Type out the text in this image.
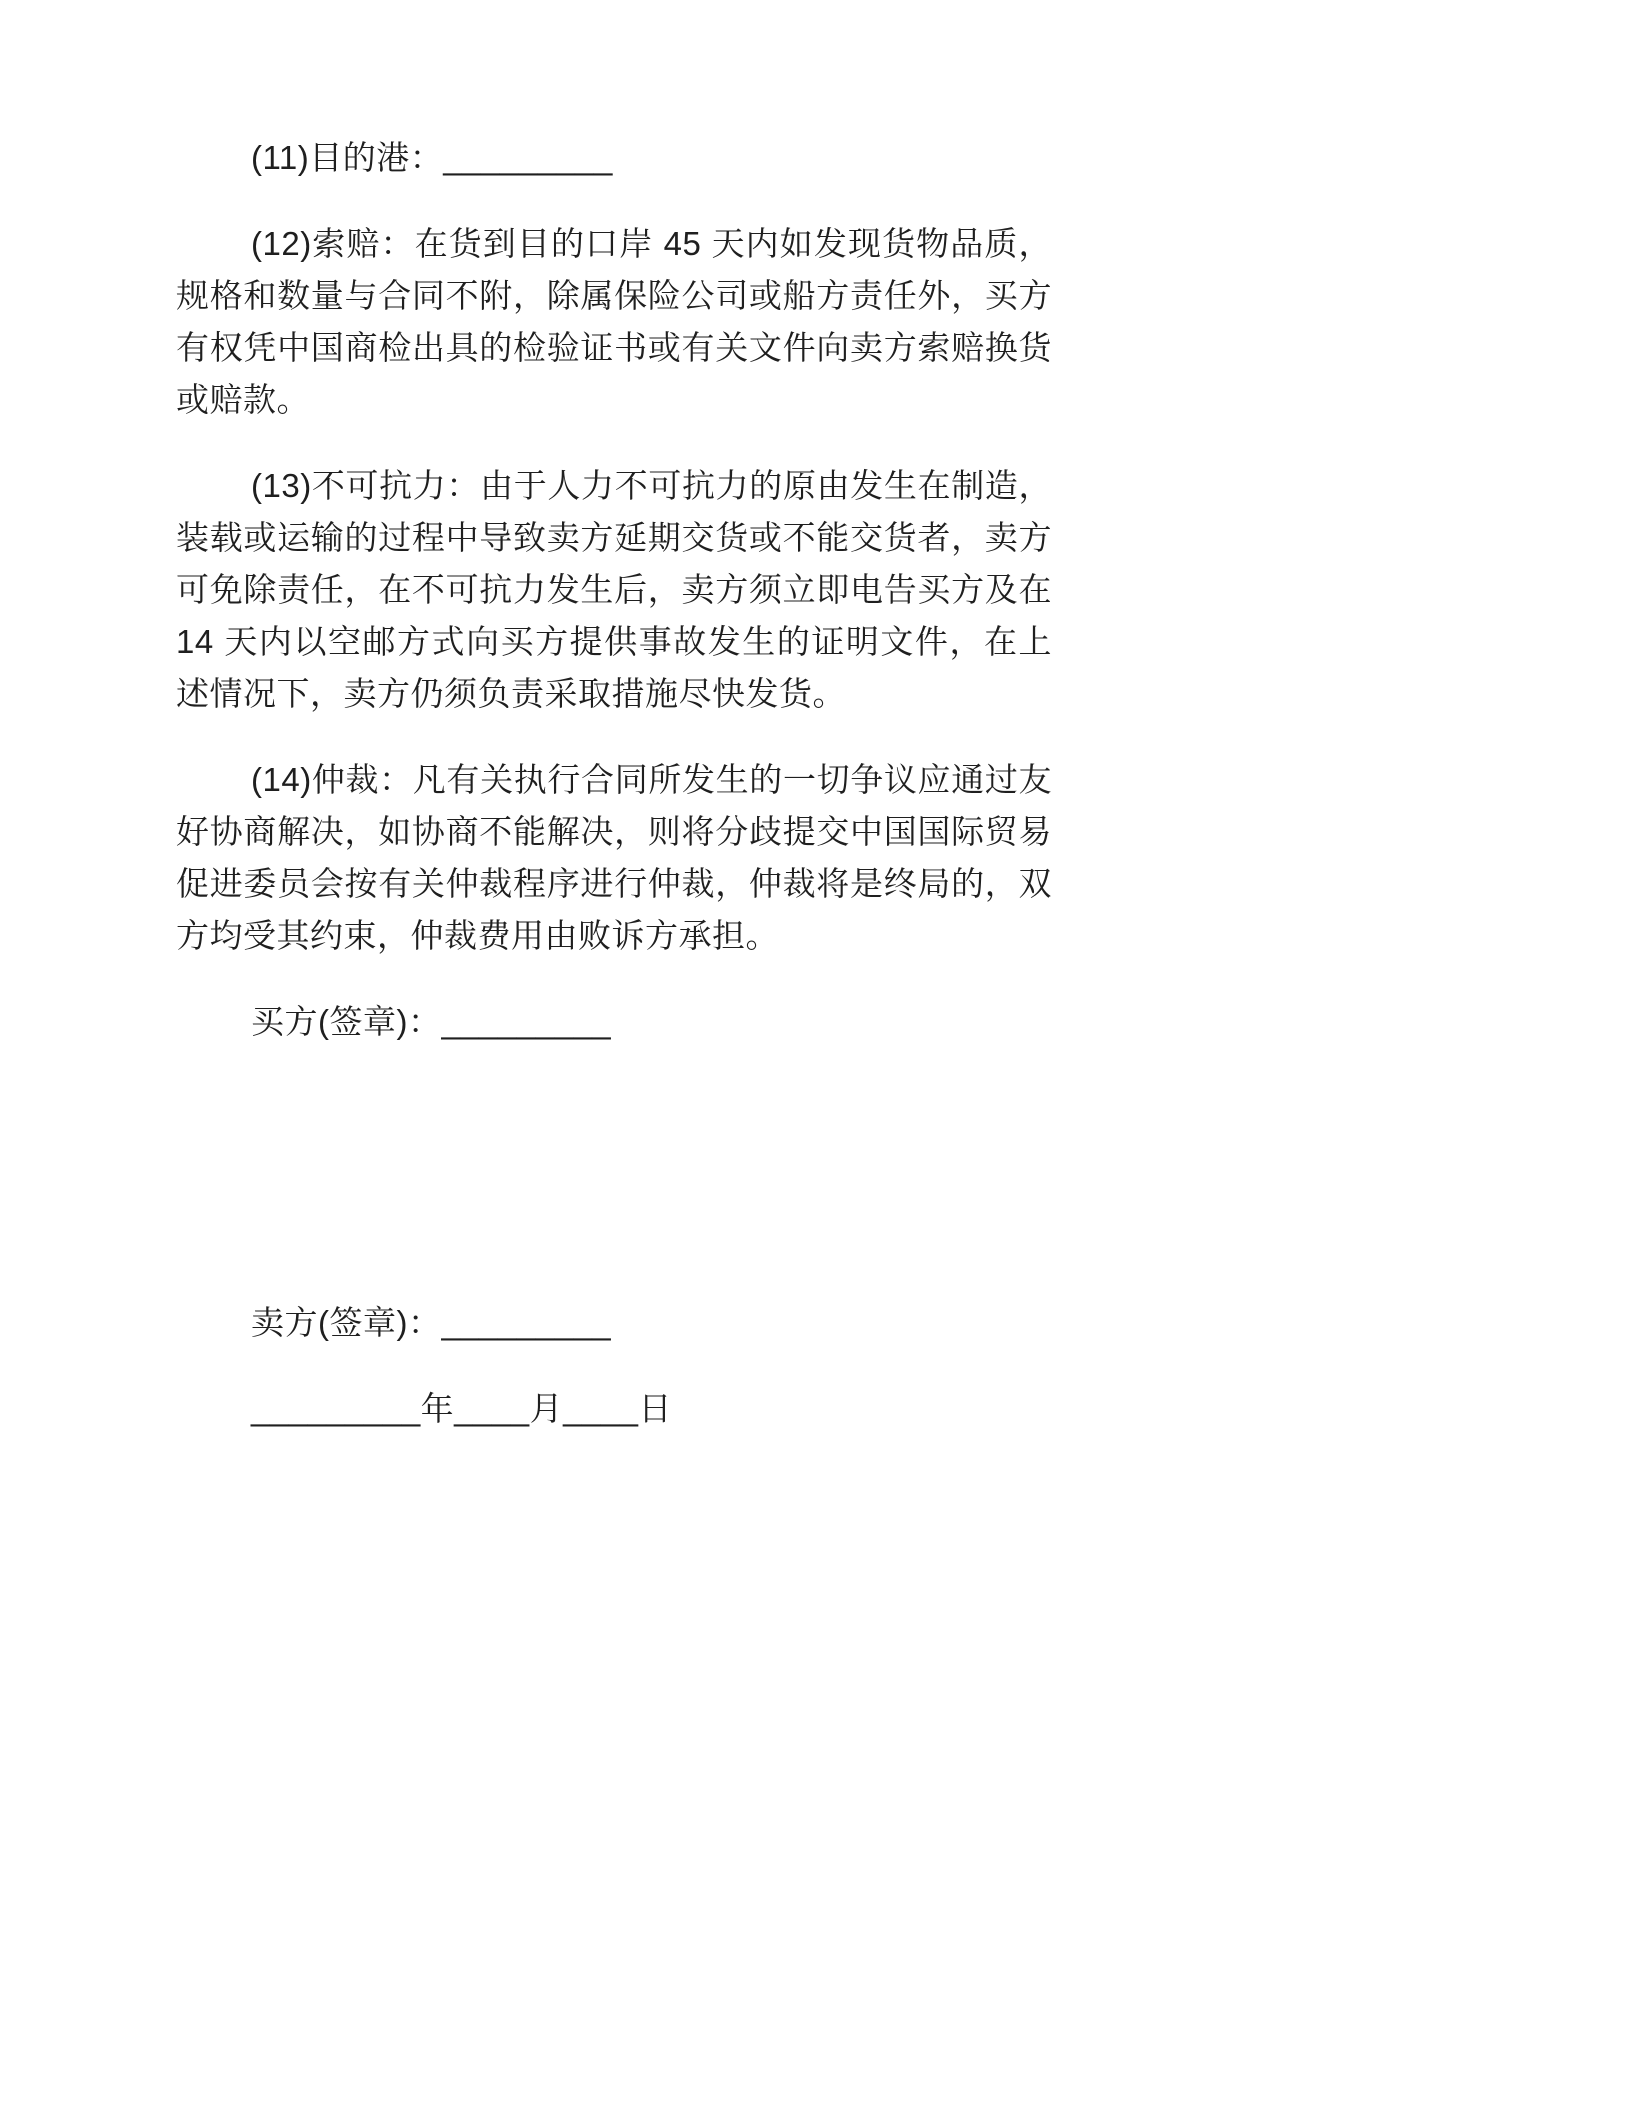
(11)目的港：_________

(12)索赔：在货到目的口岸 45 天内如发现货物品质，规格和数量与合同不附，除属保险公司或船方责任外，买方有权凭中国商检出具的检验证书或有关文件向卖方索赔换货或赔款。

(13)不可抗力：由于人力不可抗力的原由发生在制造，装载或运输的过程中导致卖方延期交货或不能交货者，卖方可免除责任，在不可抗力发生后，卖方须立即电告买方及在 14 天内以空邮方式向买方提供事故发生的证明文件，在上述情况下，卖方仍须负责采取措施尽快发货。

(14)仲裁：凡有关执行合同所发生的一切争议应通过友好协商解决，如协商不能解决，则将分歧提交中国国际贸易促进委员会按有关仲裁程序进行仲裁，仲裁将是终局的，双方均受其约束，仲裁费用由败诉方承担。

买方(签章)：_________

卖方(签章)：_________

_________年____月____日
